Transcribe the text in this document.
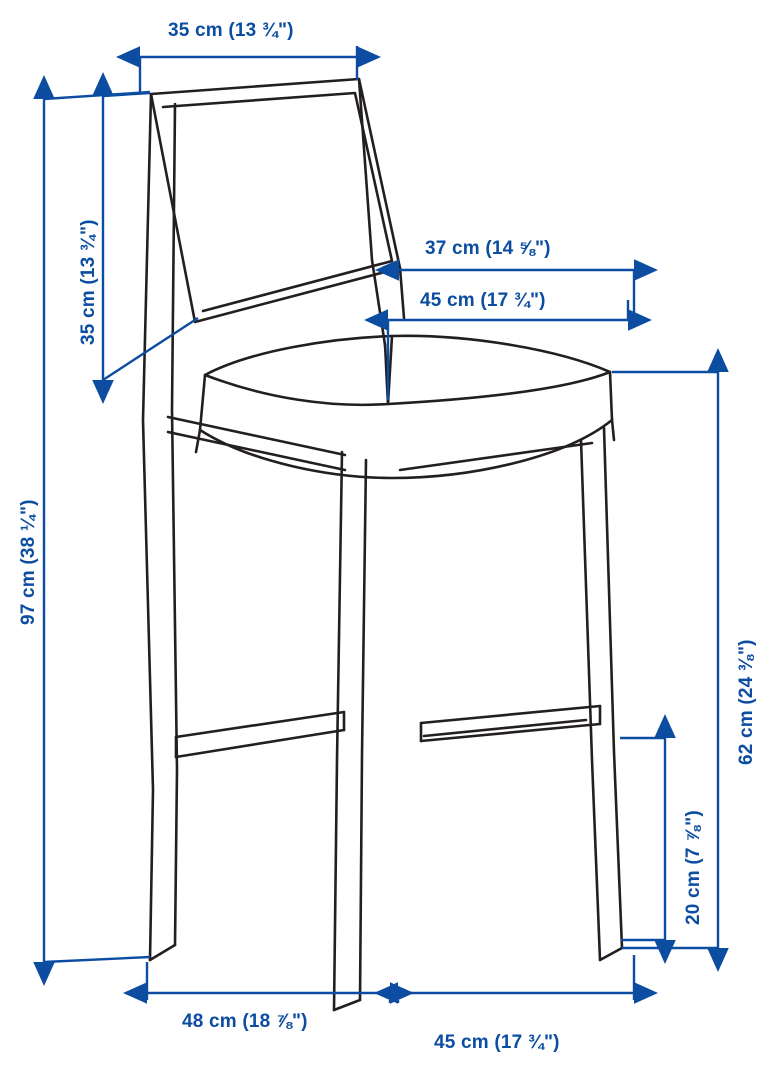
35 cm (13 ¾")
35 cm (13 ¾")	37 cm (14 ⅝")
45 cm (17 ¾")
97 cm (38 ¼")
62 cm (24 ⅜")
20 cm (7 ⅞")
48 cm (18 ⅞")
45 cm (17 ¾")
